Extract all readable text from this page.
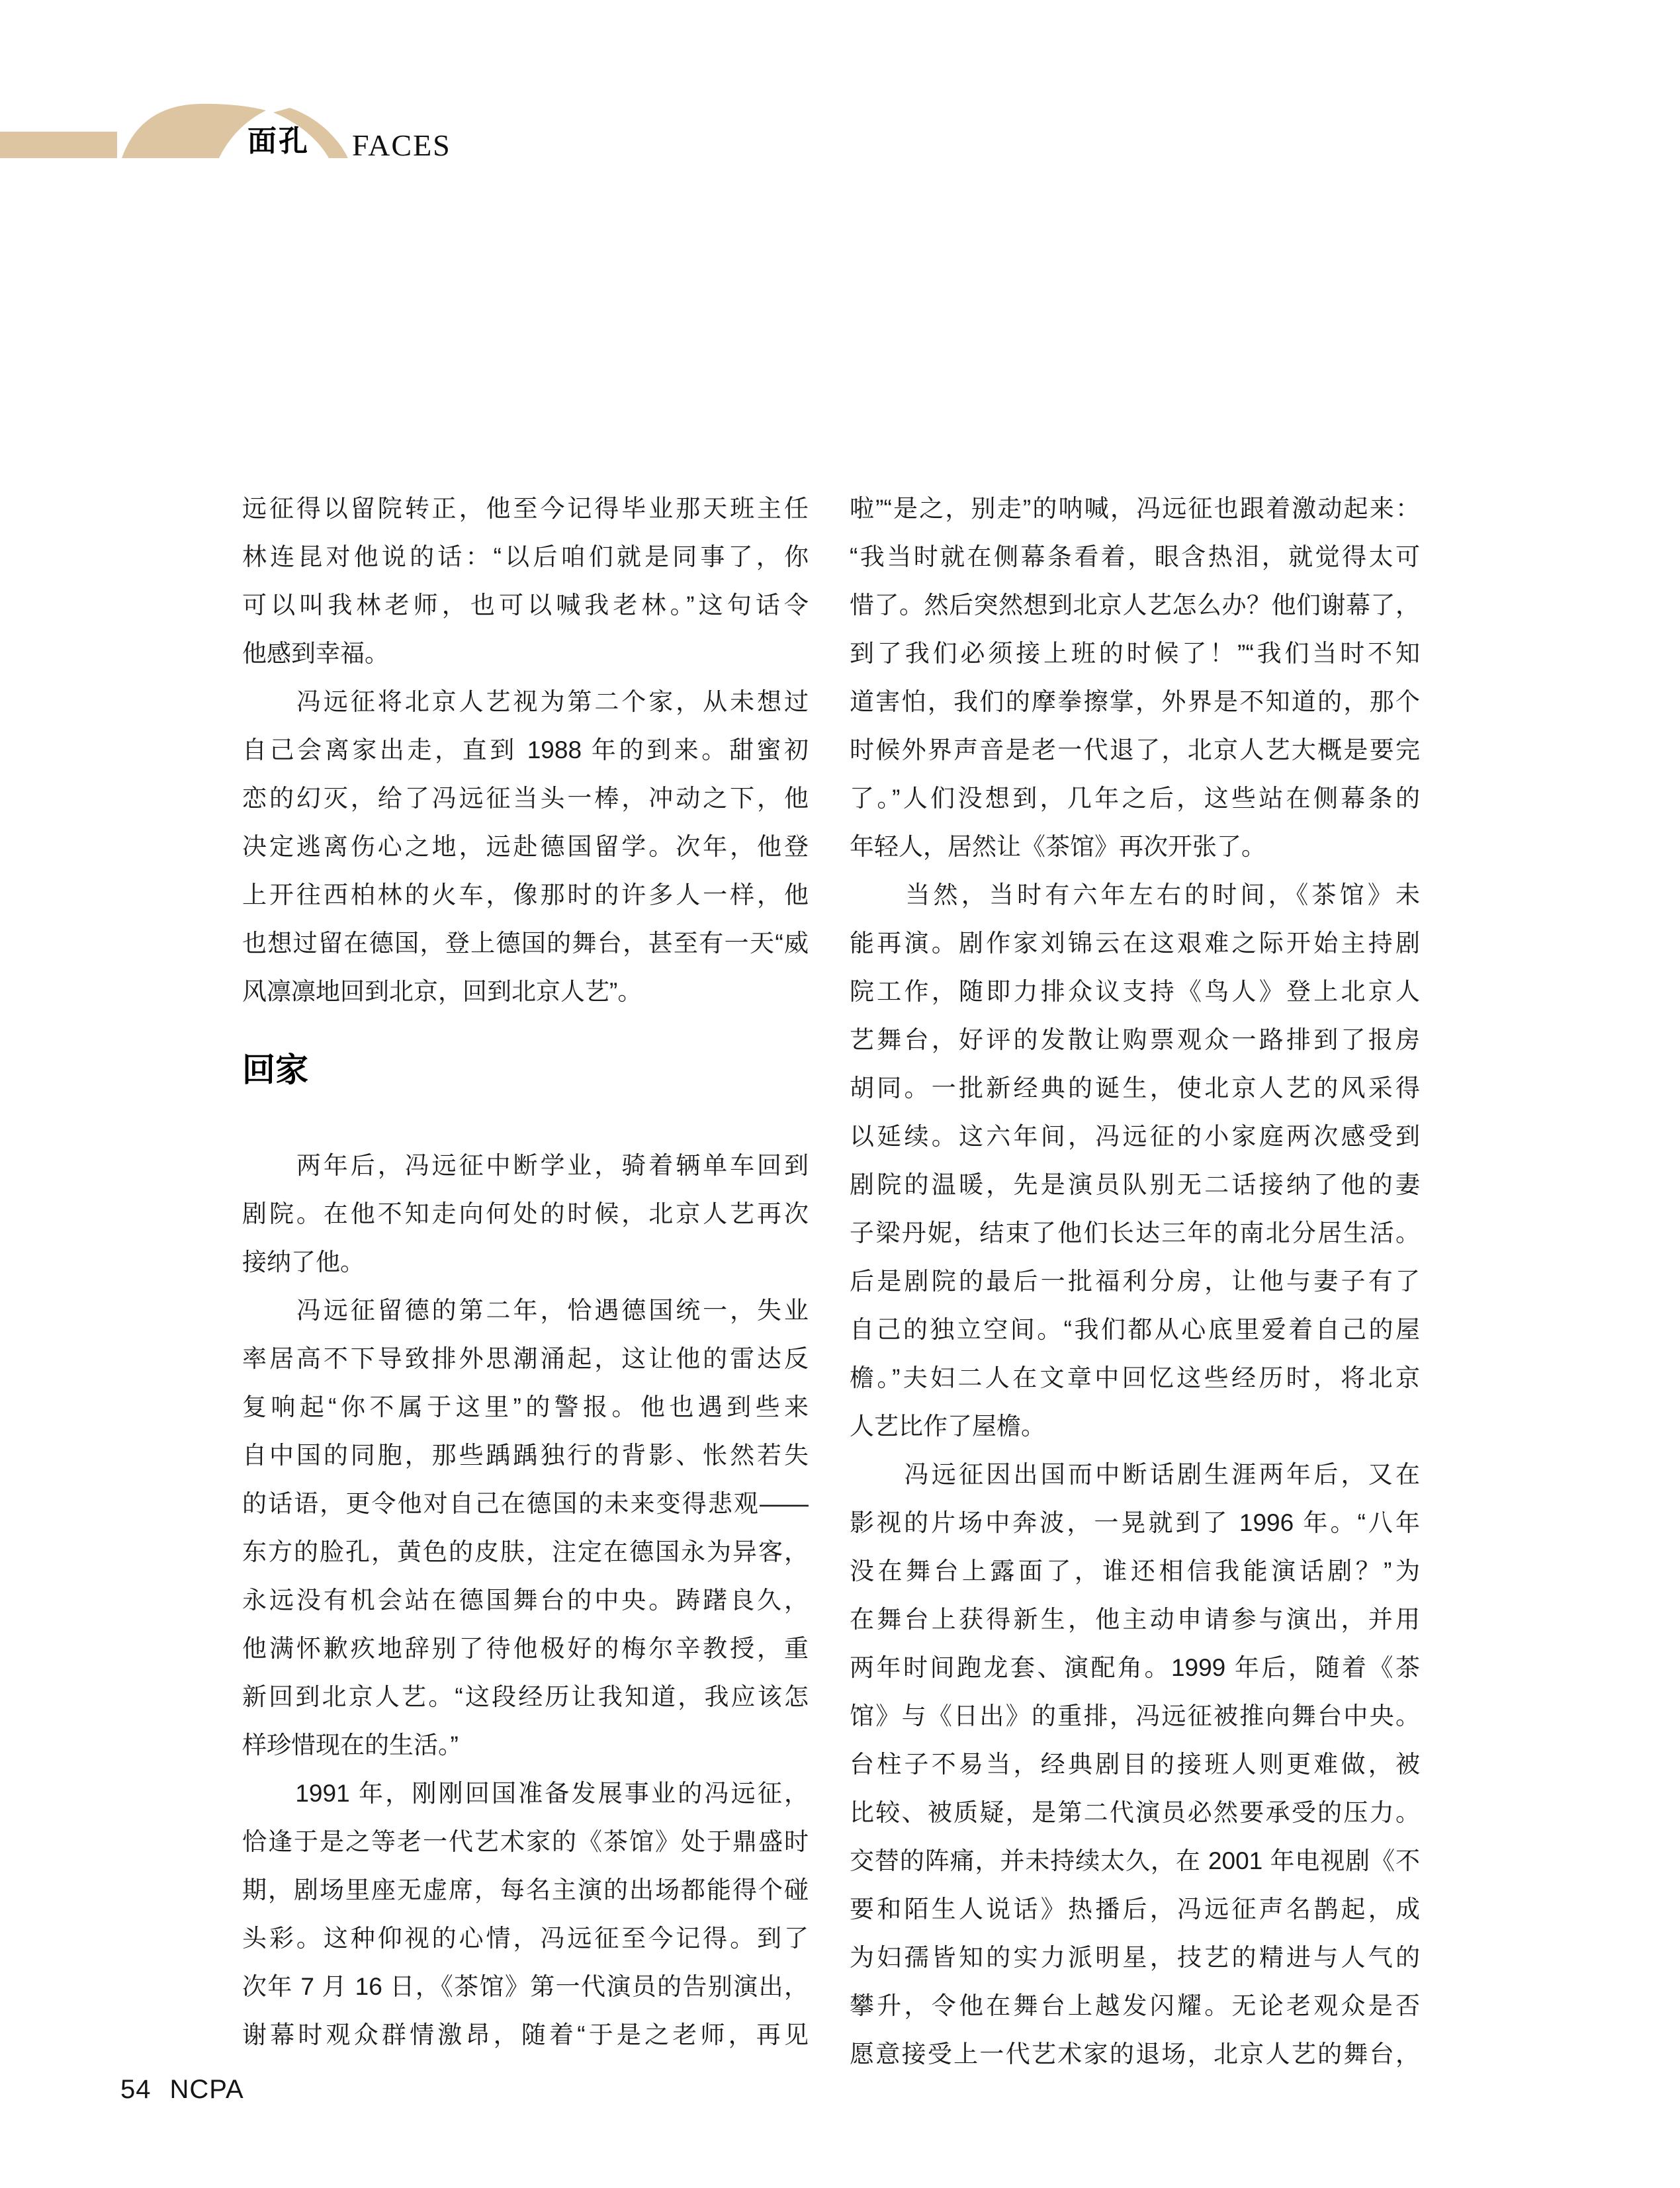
面孔 FACES
远征得以留院转正，他至今记得毕业那天班主任
林连昆对他说的话：“以后咱们就是同事了，你
可以叫我林老师，也可以喊我老林。”这句话令
他感到幸福。
　　冯远征将北京人艺视为第二个家，从未想过
自己会离家出走，直到 1988 年的到来。甜蜜初
恋的幻灭，给了冯远征当头一棒，冲动之下，他
决定逃离伤心之地，远赴德国留学。次年，他登
上开往西柏林的火车，像那时的许多人一样，他
也想过留在德国，登上德国的舞台，甚至有一天“威
风凛凛地回到北京，回到北京人艺”。
回家
　　两年后，冯远征中断学业，骑着辆单车回到
剧院。在他不知走向何处的时候，北京人艺再次
接纳了他。
　　冯远征留德的第二年，恰遇德国统一，失业
率居高不下导致排外思潮涌起，这让他的雷达反
复响起“你不属于这里”的警报。他也遇到些来
自中国的同胞，那些踽踽独行的背影、怅然若失
的话语，更令他对自己在德国的未来变得悲观——
东方的脸孔，黄色的皮肤，注定在德国永为异客，
永远没有机会站在德国舞台的中央。踌躇良久，
他满怀歉疚地辞别了待他极好的梅尔辛教授，重
新回到北京人艺。“这段经历让我知道，我应该怎
样珍惜现在的生活。”
　　1991 年，刚刚回国准备发展事业的冯远征，
恰逢于是之等老一代艺术家的《茶馆》处于鼎盛时
期，剧场里座无虚席，每名主演的出场都能得个碰
头彩。这种仰视的心情，冯远征至今记得。到了
次年 7 月 16 日，《茶馆》第一代演员的告别演出，
谢幕时观众群情激昂，随着“于是之老师，再见
啦”“是之，别走”的呐喊，冯远征也跟着激动起来：
“我当时就在侧幕条看着，眼含热泪，就觉得太可
惜了。然后突然想到北京人艺怎么办？他们谢幕了，
到了我们必须接上班的时候了！”“我们当时不知
道害怕，我们的摩拳擦掌，外界是不知道的，那个
时候外界声音是老一代退了，北京人艺大概是要完
了。”人们没想到，几年之后，这些站在侧幕条的
年轻人，居然让《茶馆》再次开张了。
　　当然，当时有六年左右的时间，《茶馆》未
能再演。剧作家刘锦云在这艰难之际开始主持剧
院工作，随即力排众议支持《鸟人》登上北京人
艺舞台，好评的发散让购票观众一路排到了报房
胡同。一批新经典的诞生，使北京人艺的风采得
以延续。这六年间，冯远征的小家庭两次感受到
剧院的温暖，先是演员队别无二话接纳了他的妻
子梁丹妮，结束了他们长达三年的南北分居生活。
后是剧院的最后一批福利分房，让他与妻子有了
自己的独立空间。“我们都从心底里爱着自己的屋
檐。”夫妇二人在文章中回忆这些经历时，将北京
人艺比作了屋檐。
　　冯远征因出国而中断话剧生涯两年后，又在
影视的片场中奔波，一晃就到了 1996 年。“八年
没在舞台上露面了，谁还相信我能演话剧？”为
在舞台上获得新生，他主动申请参与演出，并用
两年时间跑龙套、演配角。1999 年后，随着《茶
馆》与《日出》的重排，冯远征被推向舞台中央。
台柱子不易当，经典剧目的接班人则更难做，被
比较、被质疑，是第二代演员必然要承受的压力。
交替的阵痛，并未持续太久，在 2001 年电视剧《不
要和陌生人说话》热播后，冯远征声名鹊起，成
为妇孺皆知的实力派明星，技艺的精进与人气的
攀升，令他在舞台上越发闪耀。无论老观众是否
愿意接受上一代艺术家的退场，北京人艺的舞台，
54 NCPA
